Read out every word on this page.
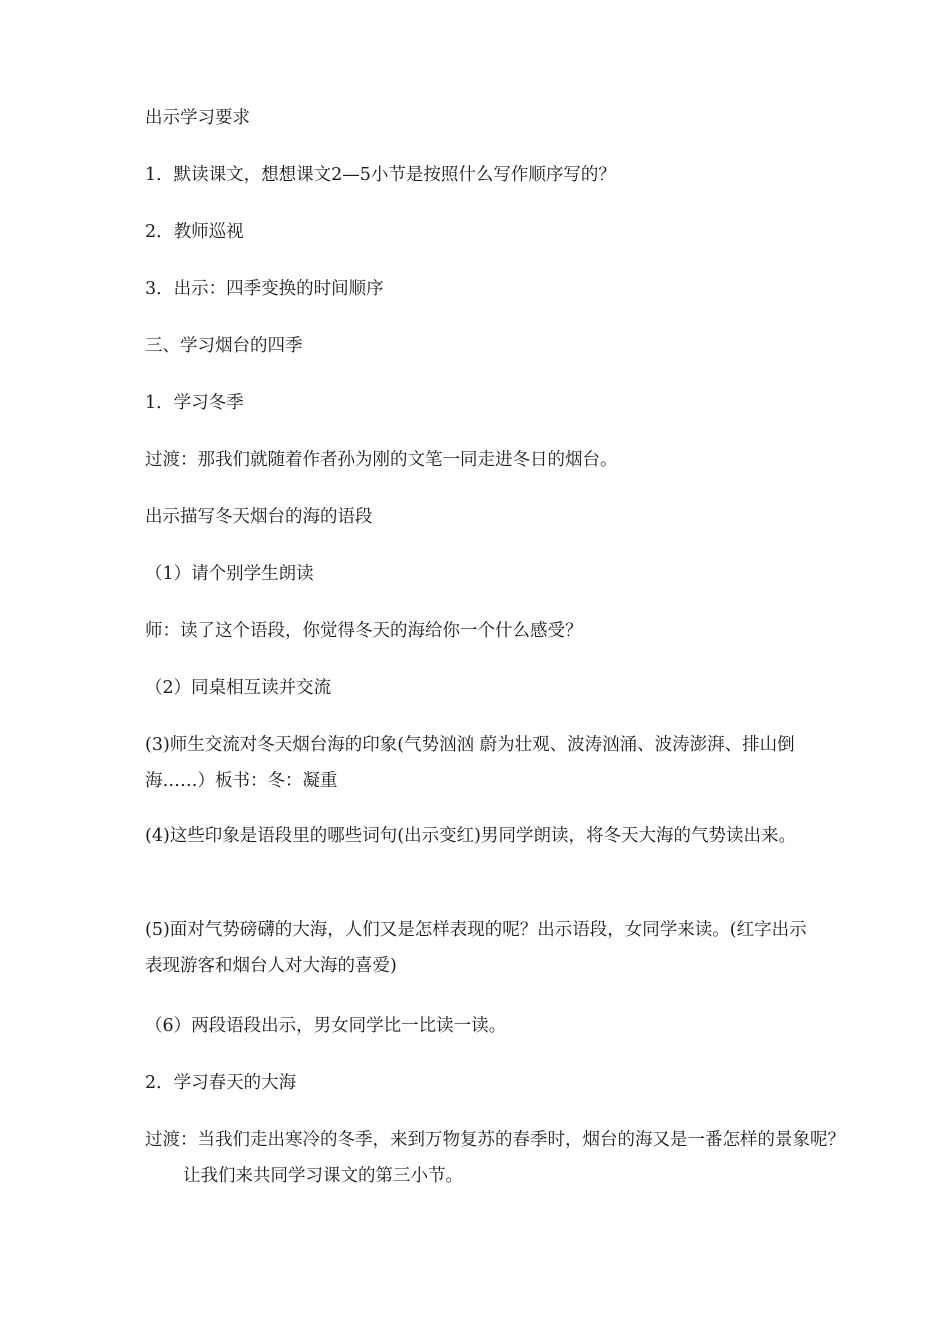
出示学习要求

1．默读课文，想想课文2—5小节是按照什么写作顺序写的？

2．教师巡视

3．出示：四季变换的时间顺序

三、学习烟台的四季

1．学习冬季

过渡：那我们就随着作者孙为刚的文笔一同走进冬日的烟台。

出示描写冬天烟台的海的语段

（1）请个别学生朗读

师：读了这个语段，你觉得冬天的海给你一个什么感受？

（2）同桌相互读并交流

(3)师生交流对冬天烟台海的印象(气势汹汹 蔚为壮观、波涛汹涌、波涛澎湃、排山倒海……）板书：冬：凝重

(4)这些印象是语段里的哪些词句(出示变红)男同学朗读，将冬天大海的气势读出来。

(5)面对气势磅礴的大海，人们又是怎样表现的呢？出示语段，女同学来读。(红字出示表现游客和烟台人对大海的喜爱)

（6）两段语段出示，男女同学比一比读一读。

2．学习春天的大海

过渡：当我们走出寒冷的冬季，来到万物复苏的春季时，烟台的海又是一番怎样的景象呢？让我们来共同学习课文的第三小节。
